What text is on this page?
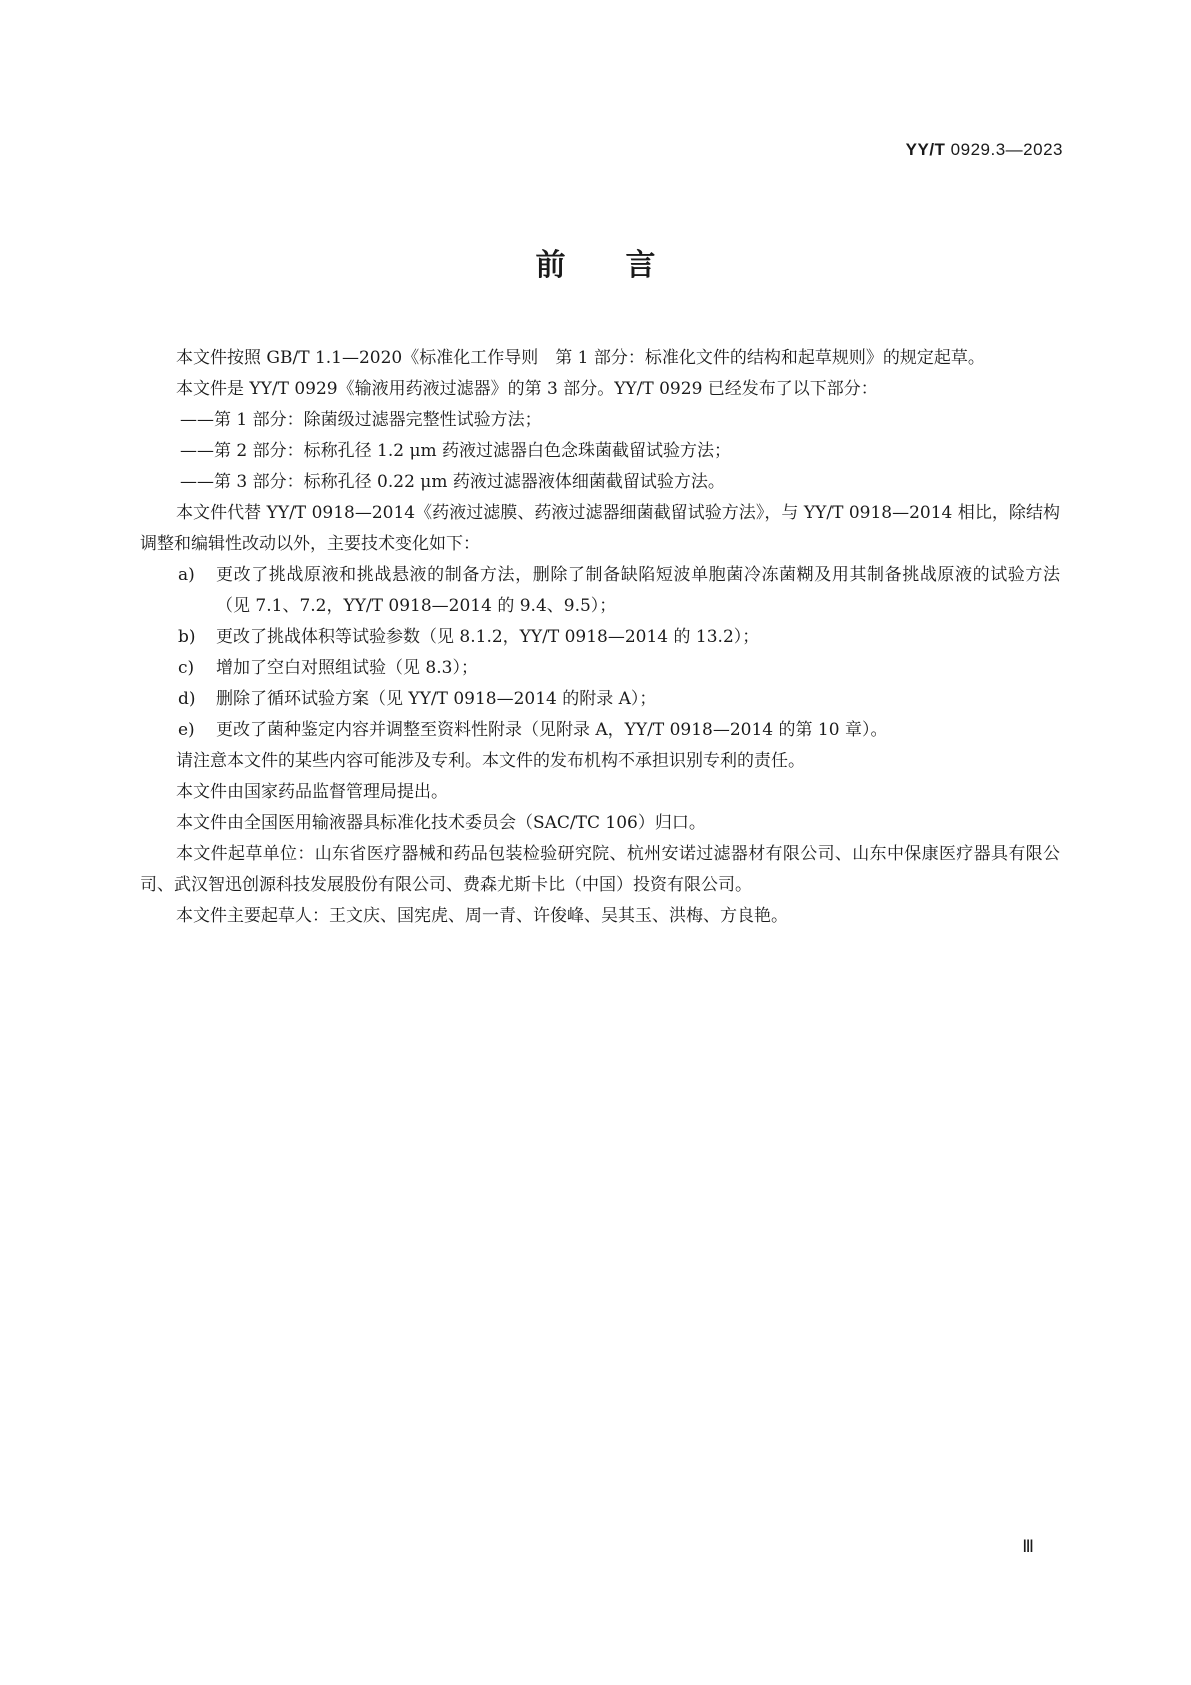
YY/T 0929.3—2023
前言

本文件按照 GB/T 1.1—2020《标准化工作导则　第 1 部分：标准化文件的结构和起草规则》的规定起草。

本文件是 YY/T 0929《输液用药液过滤器》的第 3 部分。YY/T 0929 已经发布了以下部分：

——第 1 部分：除菌级过滤器完整性试验方法；

——第 2 部分：标称孔径 1.2 μm 药液过滤器白色念珠菌截留试验方法；

——第 3 部分：标称孔径 0.22 μm 药液过滤器液体细菌截留试验方法。

本文件代替 YY/T 0918—2014《药液过滤膜、药液过滤器细菌截留试验方法》，与 YY/T 0918—2014 相比，除结构调整和编辑性改动以外，主要技术变化如下：

a)	更改了挑战原液和挑战悬液的制备方法，删除了制备缺陷短波单胞菌冷冻菌糊及用其制备挑战原液的试验方法（见 7.1、7.2，YY/T 0918—2014 的 9.4、9.5）；
b)	更改了挑战体积等试验参数（见 8.1.2，YY/T 0918—2014 的 13.2）；
c)	增加了空白对照组试验（见 8.3）；
d)	删除了循环试验方案（见 YY/T 0918—2014 的附录 A）；
e)	更改了菌种鉴定内容并调整至资料性附录（见附录 A，YY/T 0918—2014 的第 10 章）。

请注意本文件的某些内容可能涉及专利。本文件的发布机构不承担识别专利的责任。

本文件由国家药品监督管理局提出。

本文件由全国医用输液器具标准化技术委员会（SAC/TC 106）归口。

本文件起草单位：山东省医疗器械和药品包装检验研究院、杭州安诺过滤器材有限公司、山东中保康医疗器具有限公司、武汉智迅创源科技发展股份有限公司、费森尤斯卡比（中国）投资有限公司。

本文件主要起草人：王文庆、国宪虎、周一青、许俊峰、吴其玉、洪梅、方良艳。

Ⅲ
